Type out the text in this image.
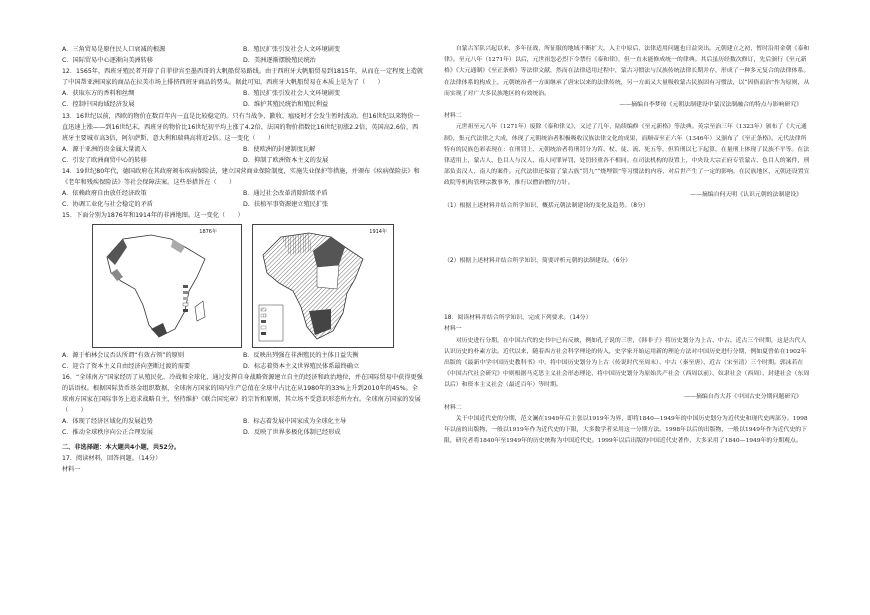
A．三角贸易是原住民人口衰减的根源	B．殖民扩张引发社会人文环境剧变
C．国际贸易中心逐渐向美洲转移	D．美洲逐渐摆脱殖民统治

12．1565年，西班牙殖民者开辟了自菲律宾至墨西哥的大帆船贸易路线。由于西班牙大帆船贸易到1815年，从而在一定程度上造就了中国帮亚洲国家的商品在拉美市场上排挤西班牙商品的势头。据此可知，西班牙大帆船贸易在本质上是为了（　　）

A．获取东方的香料和丝绸	B．殖民扩张引发社会人文环境剧变
C．控制中国海域经济发展	D．维护其殖民统治和殖民利益

13．16世纪以前，西欧的物价在数百年内一直是比较稳定的。只有当战争、歉收、瘟疫时才会发生暂时波动。但16世纪以来物价一直迅速上涨——到16世纪末，西班牙的物价比16世纪初平均上涨了4.2倍，法国的物价指数比16世纪初涨2.2倍，英国高2.6倍，西班牙主要城市高3倍，阿尔萨斯、意大利和瑞典高将近2倍。这一变化（　　）

A．源于亚洲的贵金属大量流入	B．使欧洲的封建制度瓦解
C．引发了欧洲商贸中心的转移	D．抑制了欧洲资本主义的发展

14．19世纪80年代，德国政府在其政府颁布疾病保险法，建立国营商业保险制度，实施失业保护等措施，并颁布《疾病保险法》和《老年和残疾保险法》等社会保障法案。这些举措旨在（　　）

A．依赖政府自由放任经济政策	B．通过社会改革消除阶级矛盾
C．协调工业化与社会稳定的矛盾	D．扶植军事资源建立殖民扩张

15．下面分别为1876年和1914年的非洲地图。这一变化（　　）

1876年	1914年
A．源于柏林会议否认所谓“有效占领”的原则	B．反映出列强在非洲殖民的主体日益失衡
C．迎合了资本主义自由经济向垄断过渡的需要	D．标志着资本主义世界殖民体系最终确立

16．“全球南方”国家经历了从殖民化、冷战和全球化，通过发挥自身战略资源建立自主的经济和政治地位，并在国际贸易中获得更强的话语权。根据国际货币基金组织数据，全球南方国家的国内生产总值在全球中占比在从1980年的33%上升到2010年的45%。全球南方国家在国际事务上追求战略自主，坚持维护《联合国宪章》的宗旨和原则，其立场不受意识形态所左右。全球南方国家的发展（　　）

A．体现了经济区域化的发展趋势	B．标志着发展中国家成为全球化主导
C．推动全球秩序向公正合理发展	D．反映了世界多极化体制已经形成

二、非选择题：本大题共4小题，共52分。

17．阅读材料，回答问题。（14分）

材料一

自蒙古军队兴起以来，多年征战，所征服的地域不断扩大，入主中原后，法律适用问题也日益突出。元朝建立之初，暂时沿用金朝《泰和律》。至元八年（1271年）以后，元世祖忽必烈下令禁行《泰和律》，但一直未能修成统一的律典。其后虽历经数次修订，先后颁行《至元新格》《大元通制》《至正条格》等法律文献，然而在法律适用过程中，蒙古习惯法与汉族传统法律长期并存，形成了一种多元复合的法律体系。在法律体系的构成上，元朝统治者一方面继承了唐宋以来的法律传统，另一方面又大量吸收蒙古民族固有习惯法，以“因俗而治”作为原则，从而实现了对广大多民族地区的有效统治。

——摘编自李梦琼《元朝法制建设中蒙汉法制融合的特点与影响研究》

材料二

元世祖至元八年（1271年）废除《泰和律义》，又过了几年，陆续编修《至元新格》等法典。英宗至治三年（1323年）颁布了《大元通制》，集元代法律之大成，体现了元朝统治者积极吸收汉族法律文化的成果，而顺帝至正六年（1346年）又颁布了《至正条格》。元代法律所特有的民族色彩表现在：在刑罚上，元朝统治者将刑罚分为笞、杖、徒、流、死五等，但笞刑以七下起算，在量刑上体现了民族不平等。在法律适用上，蒙古人、色目人与汉人、南人同罪异罚，处罚轻重各不相同。在司法机构的设置上，中央设大宗正府专管蒙古、色目人的案件，刑部负责汉人、南人的案件。元代法律还保留了蒙古族“罚九”“烧埋银”等习惯法的内容，对后世产生了一定的影响。在民族地区，元朝还设置宣政院等机构管理宗教事务，推行以僧治僧的方针。

——摘编自何天明《认识元朝的法制建设》

（1）根据上述材料并结合所学知识，概括元朝法制建设的变化及趋势。（8分）

（2）根据上述材料并结合所学知识，简要评析元朝的法制建设。（6分）

18．阅读材料并结合所学知识，完成下列要求。（14分）

材料一

对历史进行分期，在中国古代的史书中已有反映，例如孔子说的三世，《韩非子》将历史划分为上古、中古、近古三个时期，这是古代人认识历史的朴素方法。近代以来，随着西方社会科学理论的传入，史学家开始运用新的理论方法对中国历史进行分期，例如夏曾佑在1902年出版的《最新中学中国历史教科书》中，将中国历史划分为上古（传说时代至周末）、中古（秦至唐）、近古（宋至清）三个时期。郭沫若在《中国古代社会研究》中则根据马克思主义社会形态理论，将中国历史划分为原始共产社会（西周以前）、奴隶社会（西周）、封建社会（东周以后）和资本主义社会（最近百年）等时期。

——摘编自肖大苏《中国古史分期问题研究》

材料二

关于中国近代史的分期，范文澜在1949年后主张以1919年为界，即将1840—1949年的中国历史划分为近代史和现代史两部分。1998年以前的出版物，一般以1919年作为近代史的下限，大多数学者采用这一分期方法。1998年以后的出版物，一般以1949年作为近代史的下限，研究者将1840年至1949年的历史统称为中国近代史。1999年以后出版的中国近代史著作，大多采用了1840—1949年的分期观点。
